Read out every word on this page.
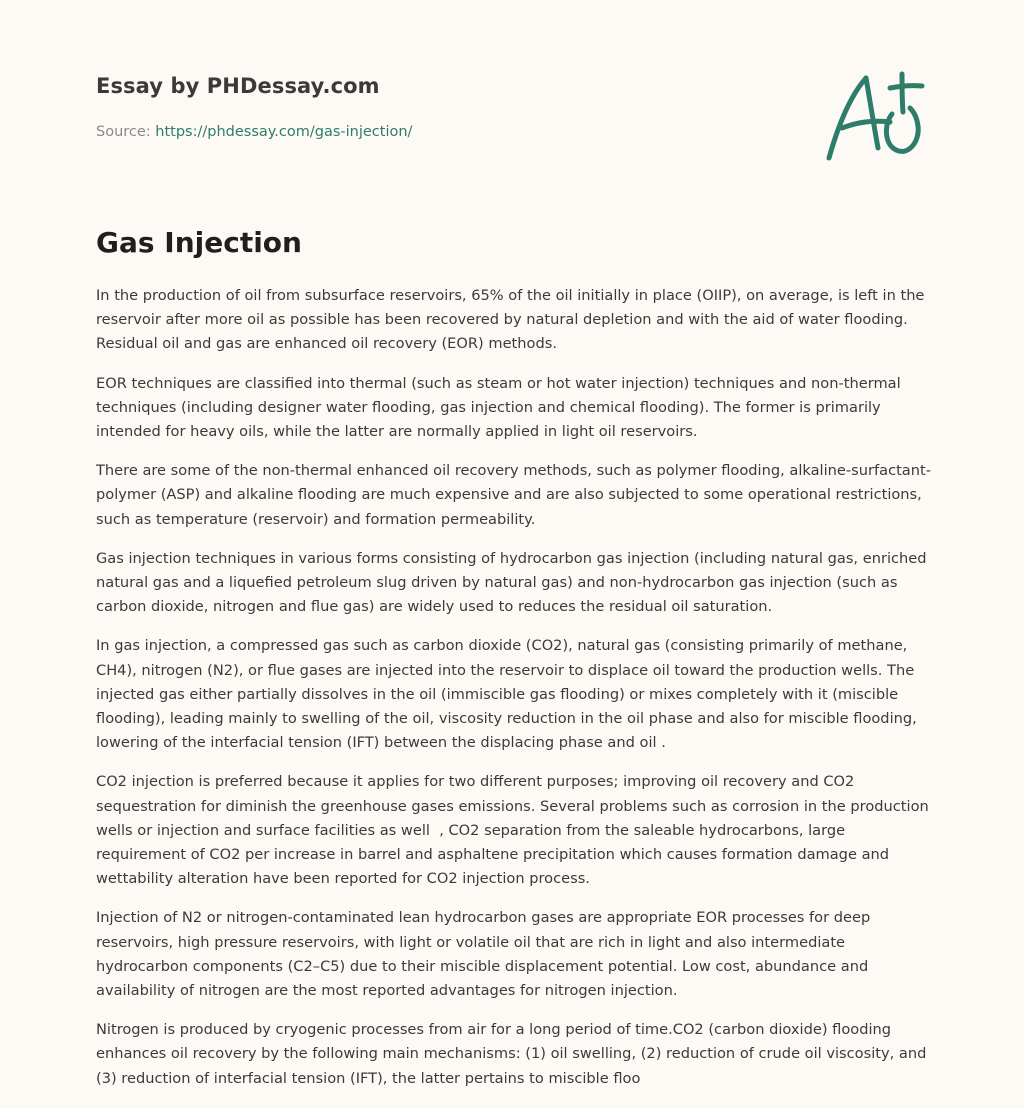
Essay by PHDessay.com
Source: https://phdessay.com/gas-injection/
Gas Injection

In the production of oil from subsurface reservoirs, 65% of the oil initially in place (OIIP), on average, is left in the reservoir after more oil as possible has been recovered by natural depletion and with the aid of water flooding. Residual oil and gas are enhanced oil recovery (EOR) methods.

EOR techniques are classified into thermal (such as steam or hot water injection) techniques and non-thermal techniques (including designer water flooding, gas injection and chemical flooding). The former is primarily intended for heavy oils, while the latter are normally applied in light oil reservoirs.

There are some of the non-thermal enhanced oil recovery methods, such as polymer flooding, alkaline-surfactant-polymer (ASP) and alkaline flooding are much expensive and are also subjected to some operational restrictions, such as temperature (reservoir) and formation permeability.

Gas injection techniques in various forms consisting of hydrocarbon gas injection (including natural gas, enriched natural gas and a liquefied petroleum slug driven by natural gas) and non-hydrocarbon gas injection (such as carbon dioxide, nitrogen and flue gas) are widely used to reduces the residual oil saturation.

In gas injection, a compressed gas such as carbon dioxide (CO2), natural gas (consisting primarily of methane, CH4), nitrogen (N2), or flue gases are injected into the reservoir to displace oil toward the production wells. The injected gas either partially dissolves in the oil (immiscible gas flooding) or mixes completely with it (miscible flooding), leading mainly to swelling of the oil, viscosity reduction in the oil phase and also for miscible flooding, lowering of the interfacial tension (IFT) between the displacing phase and oil .

CO2 injection is preferred because it applies for two different purposes; improving oil recovery and CO2 sequestration for diminish the greenhouse gases emissions. Several problems such as corrosion in the production wells or injection and surface facilities as well  , CO2 separation from the saleable hydrocarbons, large requirement of CO2 per increase in barrel and asphaltene precipitation which causes formation damage and wettability alteration have been reported for CO2 injection process.

Injection of N2 or nitrogen-contaminated lean hydrocarbon gases are appropriate EOR processes for deep reservoirs, high pressure reservoirs, with light or volatile oil that are rich in light and also intermediate hydrocarbon components (C2–C5) due to their miscible displacement potential. Low cost, abundance and availability of nitrogen are the most reported advantages for nitrogen injection.

Nitrogen is produced by cryogenic processes from air for a long period of time.CO2 (carbon dioxide) flooding enhances oil recovery by the following main mechanisms: (1) oil swelling, (2) reduction of crude oil viscosity, and (3) reduction of interfacial tension (IFT), the latter pertains to miscible floo
